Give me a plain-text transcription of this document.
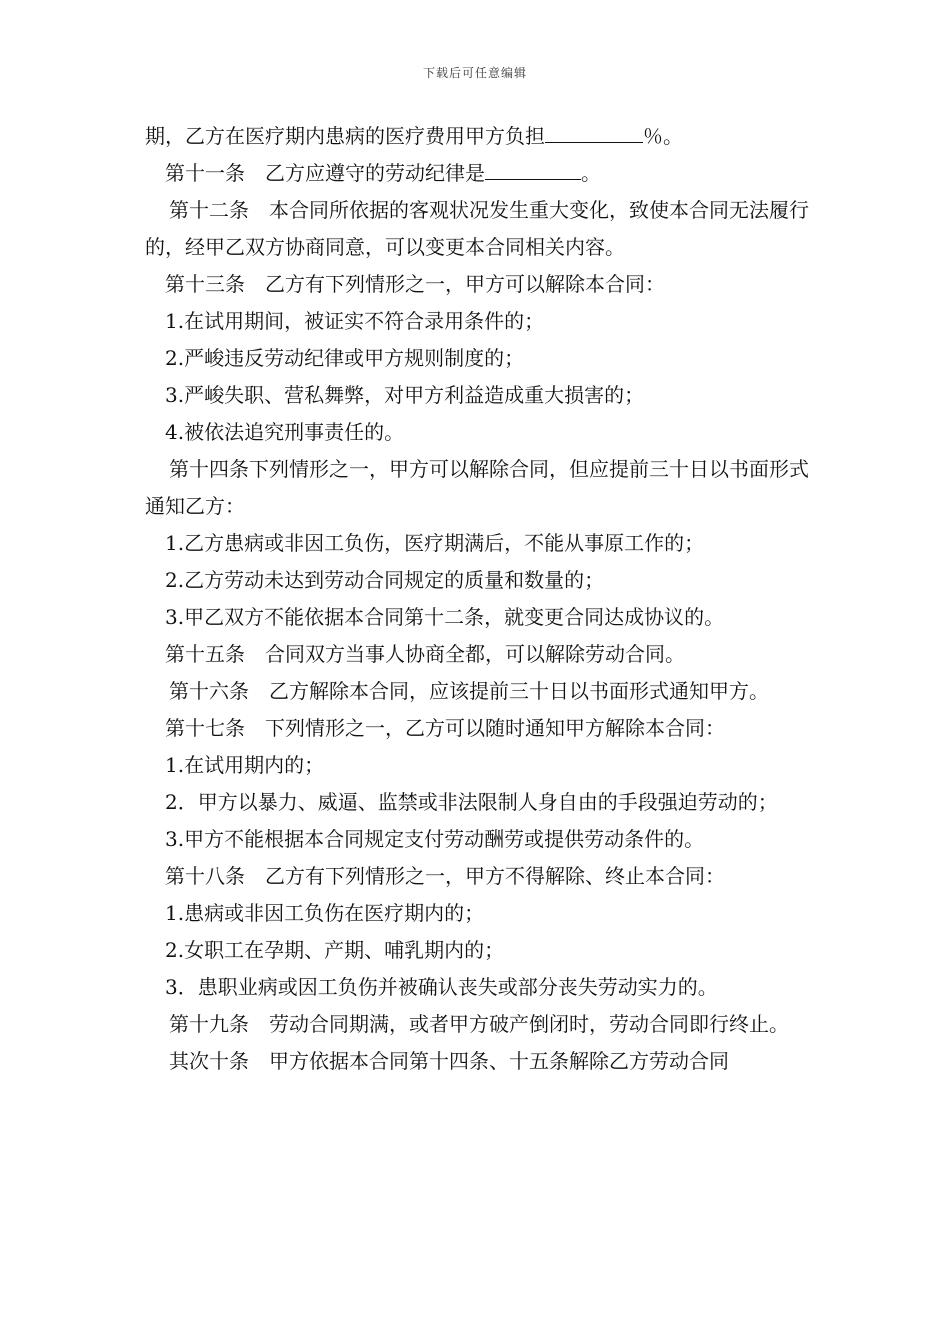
下载后可任意编辑

期，乙方在医疗期内患病的医疗费用甲方负担	％。

第十一条　乙方应遵守的劳动纪律是	。

第十二条　本合同所依据的客观状况发生重大变化，致使本合同无法履行的，经甲乙双方协商同意，可以变更本合同相关内容。

第十三条　乙方有下列情形之一，甲方可以解除本合同：

1.在试用期间，被证实不符合录用条件的；

2.严峻违反劳动纪律或甲方规则制度的；

3.严峻失职、营私舞弊，对甲方利益造成重大损害的；

4.被依法追究刑事责任的。

第十四条下列情形之一，甲方可以解除合同，但应提前三十日以书面形式通知乙方：

1.乙方患病或非因工负伤，医疗期满后，不能从事原工作的；

2.乙方劳动未达到劳动合同规定的质量和数量的；

3.甲乙双方不能依据本合同第十二条，就变更合同达成协议的。

第十五条　合同双方当事人协商全都，可以解除劳动合同。

第十六条　乙方解除本合同，应该提前三十日以书面形式通知甲方。

第十七条　下列情形之一，乙方可以随时通知甲方解除本合同：

1.在试用期内的；

2．甲方以暴力、威逼、监禁或非法限制人身自由的手段强迫劳动的；

3.甲方不能根据本合同规定支付劳动酬劳或提供劳动条件的。

第十八条　乙方有下列情形之一，甲方不得解除、终止本合同：

1.患病或非因工负伤在医疗期内的；

2.女职工在孕期、产期、哺乳期内的；

3．患职业病或因工负伤并被确认丧失或部分丧失劳动实力的。

第十九条　劳动合同期满，或者甲方破产倒闭时，劳动合同即行终止。

其次十条　甲方依据本合同第十四条、十五条解除乙方劳动合同
